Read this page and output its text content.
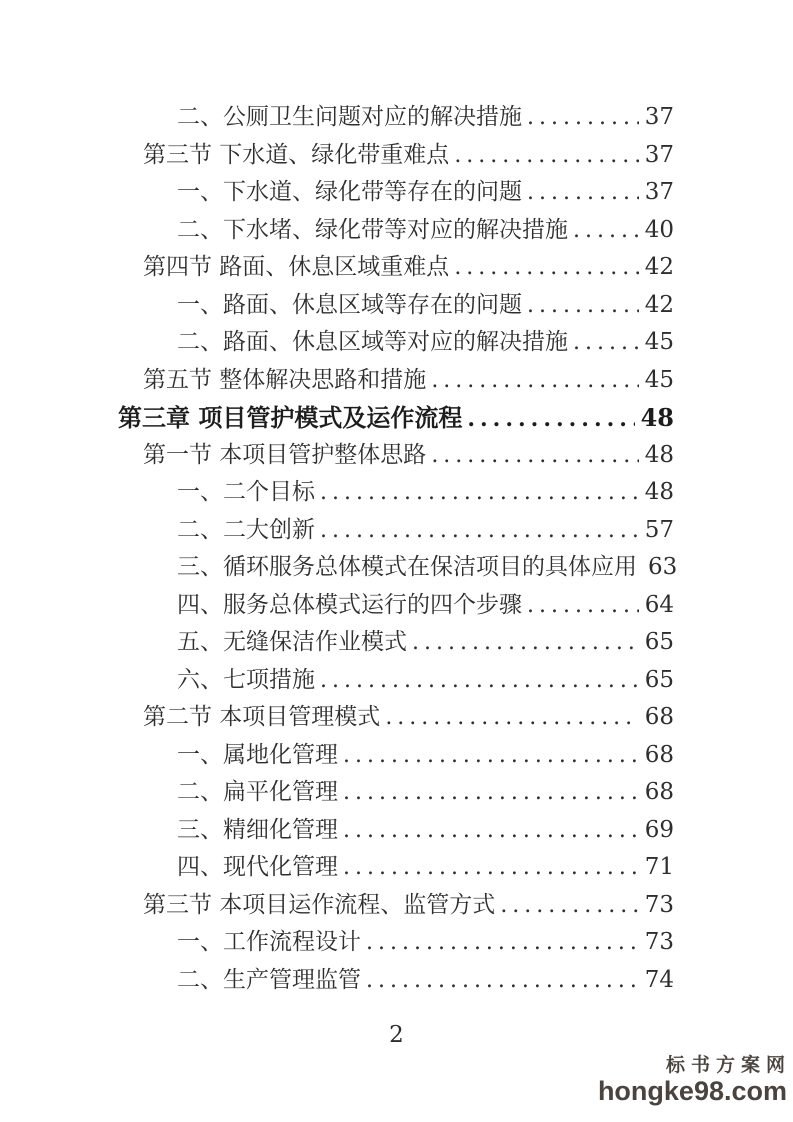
二、公厕卫生问题对应的解决措施 .....	37
第三节 下水道、绿化带重难点 .....	37
一、下水道、绿化带等存在的问题 .....	37
二、下水堵、绿化带等对应的解决措施 .....	40
第四节 路面、休息区域重难点 .....	42
一、路面、休息区域等存在的问题 .....	42
二、路面、休息区域等对应的解决措施 .....	45
第五节 整体解决思路和措施 .....	45
第三章 项目管护模式及运作流程 .....	48
第一节 本项目管护整体思路 .....	48
一、二个目标 .....	48
二、二大创新 .....	57
三、循环服务总体模式在保洁项目的具体应用 63
四、服务总体模式运行的四个步骤 .....	64
五、无缝保洁作业模式 .....	65
六、七项措施 .....	65
第二节 本项目管理模式 .....	68
一、属地化管理 .....	68
二、扁平化管理 .....	68
三、精细化管理 .....	69
四、现代化管理 .....	71
第三节 本项目运作流程、监管方式 .....	73
一、工作流程设计 .....	73
二、生产管理监管 .....	74
2
标书方案网
hongke98.com
